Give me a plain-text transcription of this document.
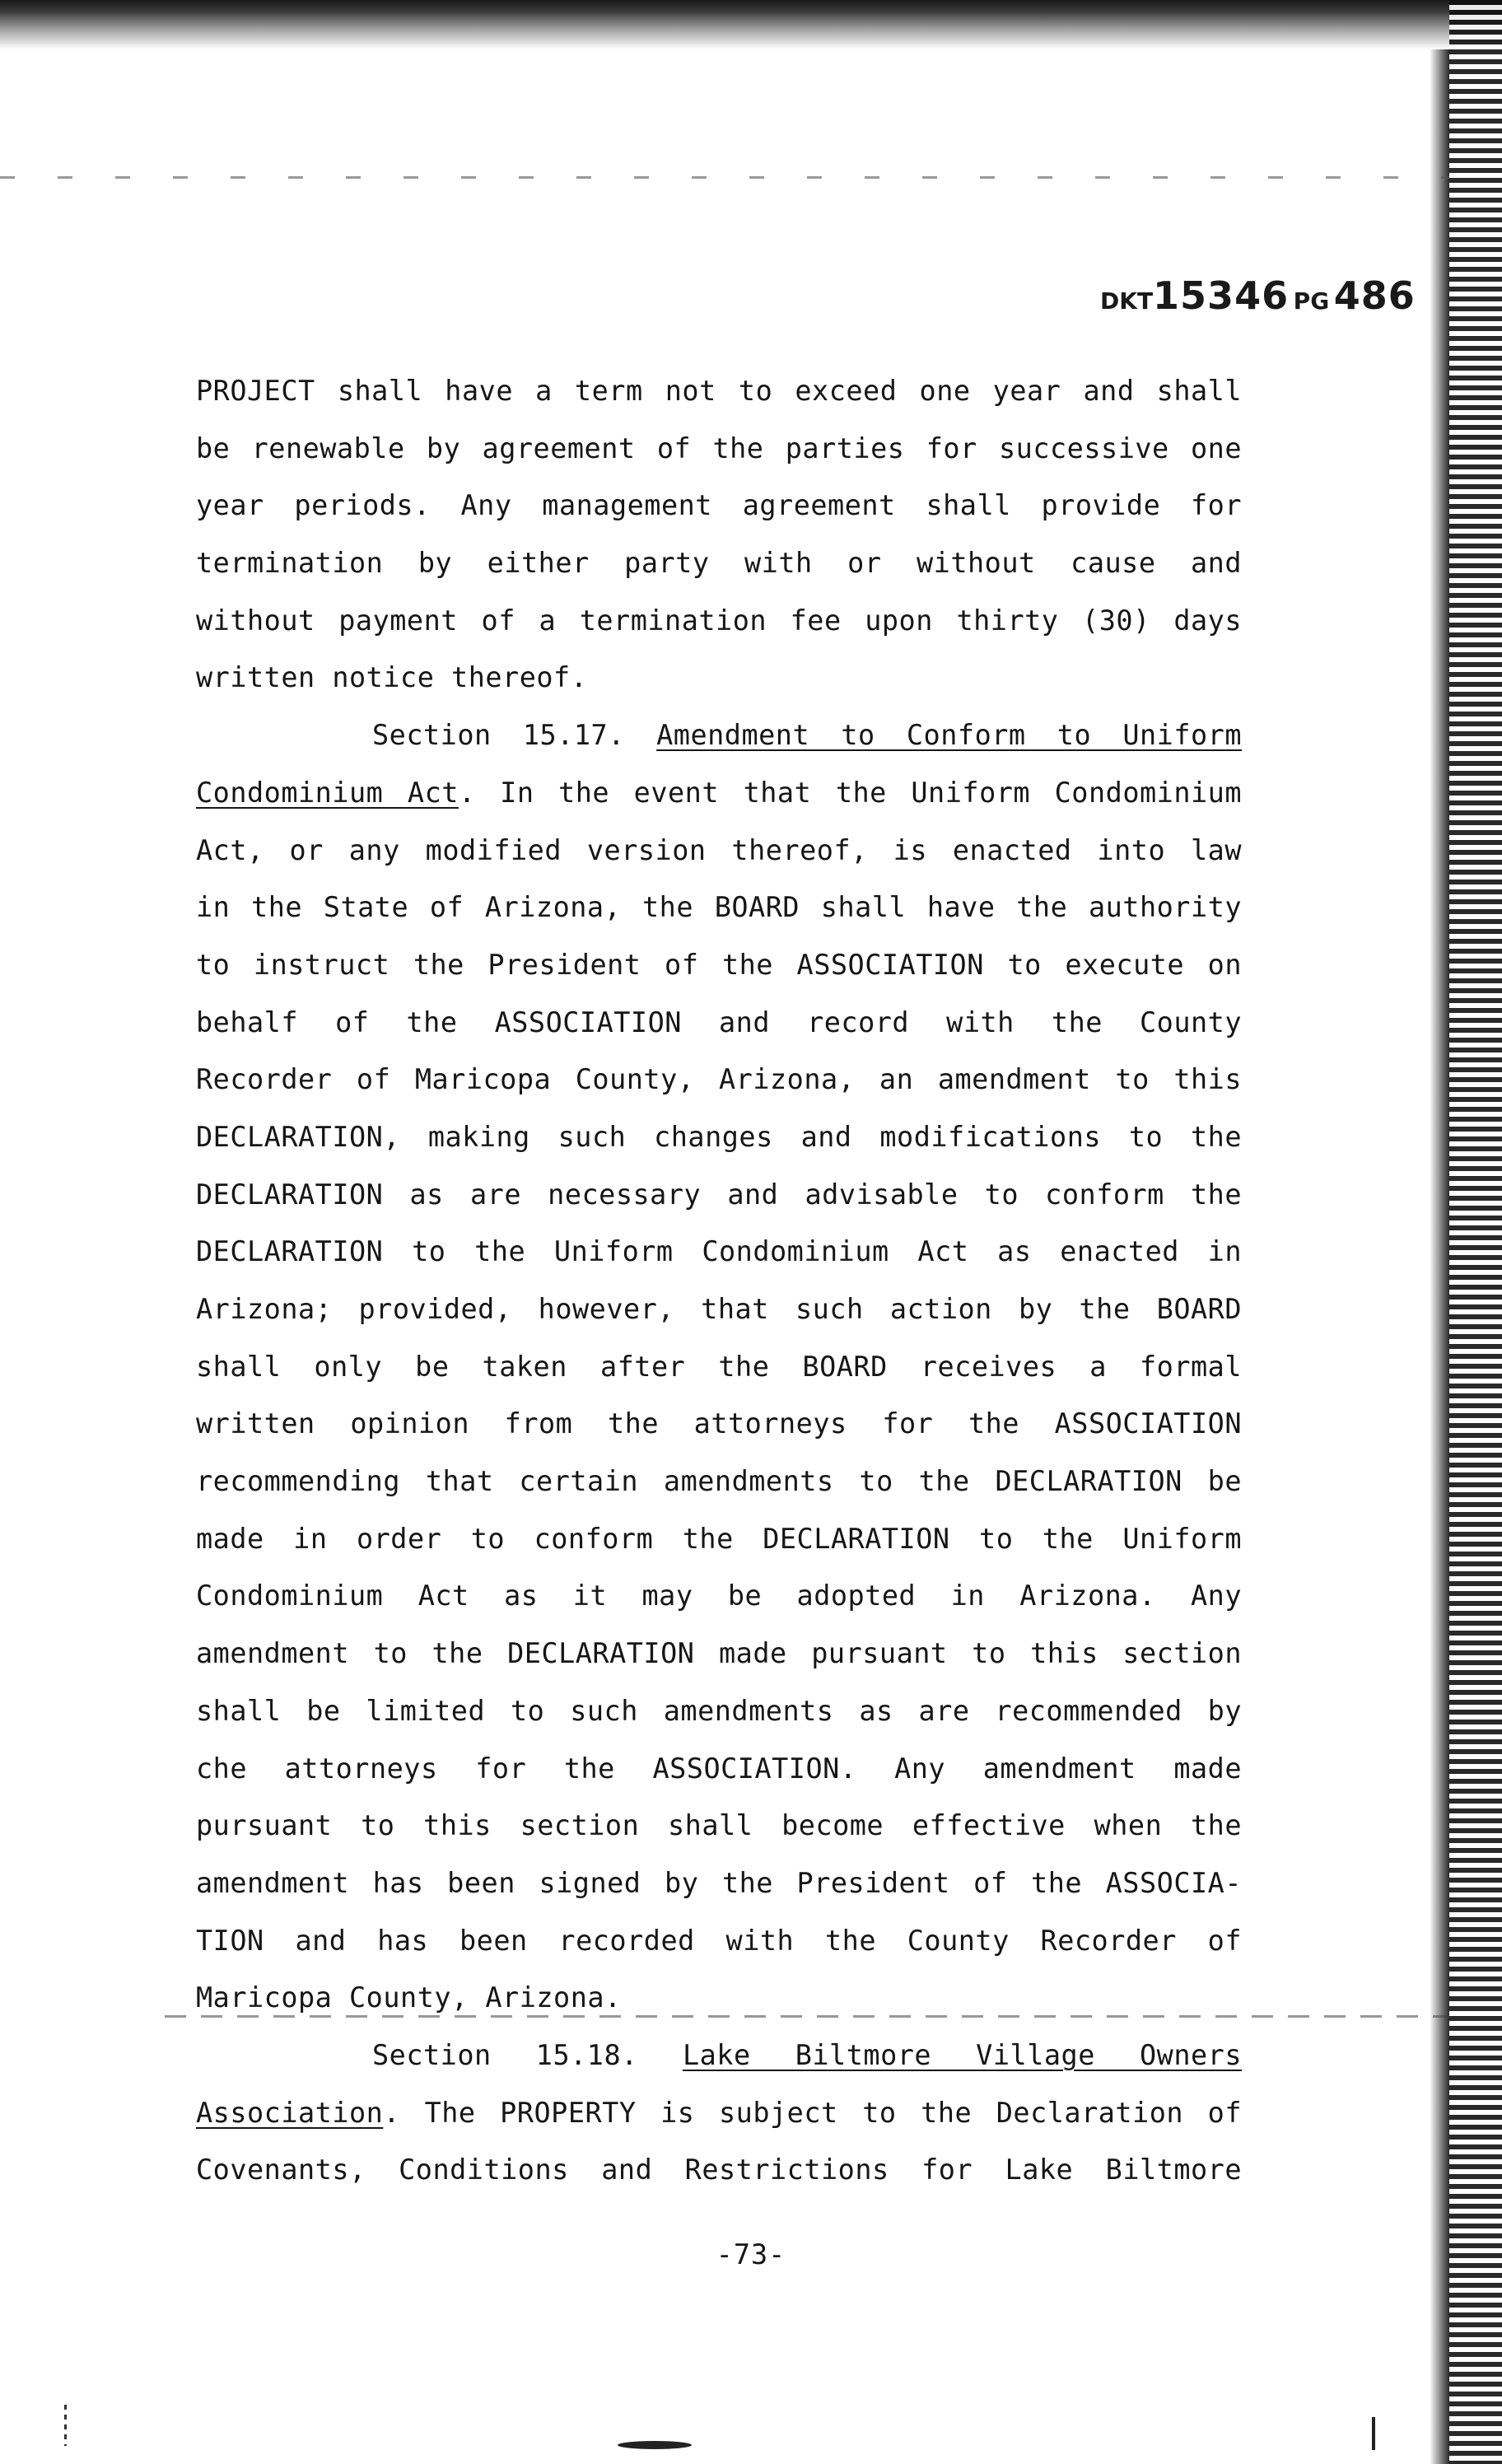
DKT15346 PG 486
PROJECT shall have a term not to exceed one year and shall
be renewable by agreement of the parties for successive one
year periods. Any management agreement shall provide for
termination by either party with or without cause and
without payment of a termination fee upon thirty (30) days
written notice thereof.
Section 15.17. Amendment to Conform to Uniform
Condominium Act. In the event that the Uniform Condominium
Act, or any modified version thereof, is enacted into law
in the State of Arizona, the BOARD shall have the authority
to instruct the President of the ASSOCIATION to execute on
behalf of the ASSOCIATION and record with the County
Recorder of Maricopa County, Arizona, an amendment to this
DECLARATION, making such changes and modifications to the
DECLARATION as are necessary and advisable to conform the
DECLARATION to the Uniform Condominium Act as enacted in
Arizona; provided, however, that such action by the BOARD
shall only be taken after the BOARD receives a formal
written opinion from the attorneys for the ASSOCIATION
recommending that certain amendments to the DECLARATION be
made in order to conform the DECLARATION to the Uniform
Condominium Act as it may be adopted in Arizona. Any
amendment to the DECLARATION made pursuant to this section
shall be limited to such amendments as are recommended by
che attorneys for the ASSOCIATION. Any amendment made
pursuant to this section shall become effective when the
amendment has been signed by the President of the ASSOCIA-
TION and has been recorded with the County Recorder of
Maricopa County, Arizona.
Section 15.18. Lake Biltmore Village Owners
Association. The PROPERTY is subject to the Declaration of
Covenants, Conditions and Restrictions for Lake Biltmore
-73-
